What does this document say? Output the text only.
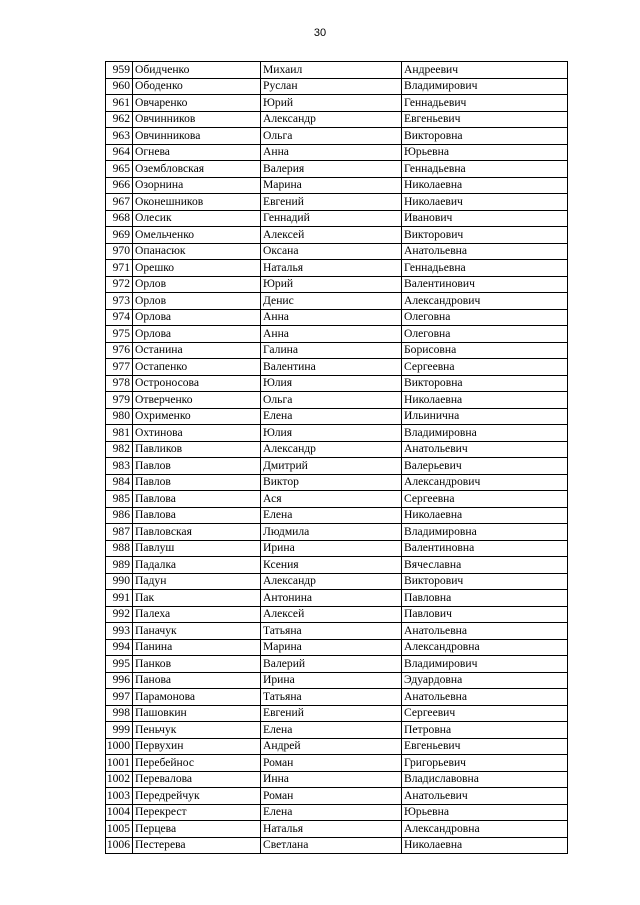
30
959	Обидченко	Михаил	Андреевич
960	Ободенко	Руслан	Владимирович
961	Овчаренко	Юрий	Геннадьевич
962	Овчинников	Александр	Евгеньевич
963	Овчинникова	Ольга	Викторовна
964	Огнева	Анна	Юрьевна
965	Озембловская	Валерия	Геннадьевна
966	Озорнина	Марина	Николаевна
967	Оконешников	Евгений	Николаевич
968	Олесик	Геннадий	Иванович
969	Омельченко	Алексей	Викторович
970	Опанасюк	Оксана	Анатольевна
971	Орешко	Наталья	Геннадьевна
972	Орлов	Юрий	Валентинович
973	Орлов	Денис	Александрович
974	Орлова	Анна	Олеговна
975	Орлова	Анна	Олеговна
976	Останина	Галина	Борисовна
977	Остапенко	Валентина	Сергеевна
978	Остроносова	Юлия	Викторовна
979	Отверченко	Ольга	Николаевна
980	Охрименко	Елена	Ильинична
981	Охтинова	Юлия	Владимировна
982	Павликов	Александр	Анатольевич
983	Павлов	Дмитрий	Валерьевич
984	Павлов	Виктор	Александрович
985	Павлова	Ася	Сергеевна
986	Павлова	Елена	Николаевна
987	Павловская	Людмила	Владимировна
988	Павлуш	Ирина	Валентиновна
989	Падалка	Ксения	Вячеславна
990	Падун	Александр	Викторович
991	Пак	Антонина	Павловна
992	Палеха	Алексей	Павлович
993	Паначук	Татьяна	Анатольевна
994	Панина	Марина	Александровна
995	Панков	Валерий	Владимирович
996	Панова	Ирина	Эдуардовна
997	Парамонова	Татьяна	Анатольевна
998	Пашовкин	Евгений	Сергеевич
999	Пеньчук	Елена	Петровна
1000	Первухин	Андрей	Евгеньевич
1001	Перебейнос	Роман	Григорьевич
1002	Перевалова	Инна	Владиславовна
1003	Передрейчук	Роман	Анатольевич
1004	Перекрест	Елена	Юрьевна
1005	Перцева	Наталья	Александровна
1006	Пестерева	Светлана	Николаевна
